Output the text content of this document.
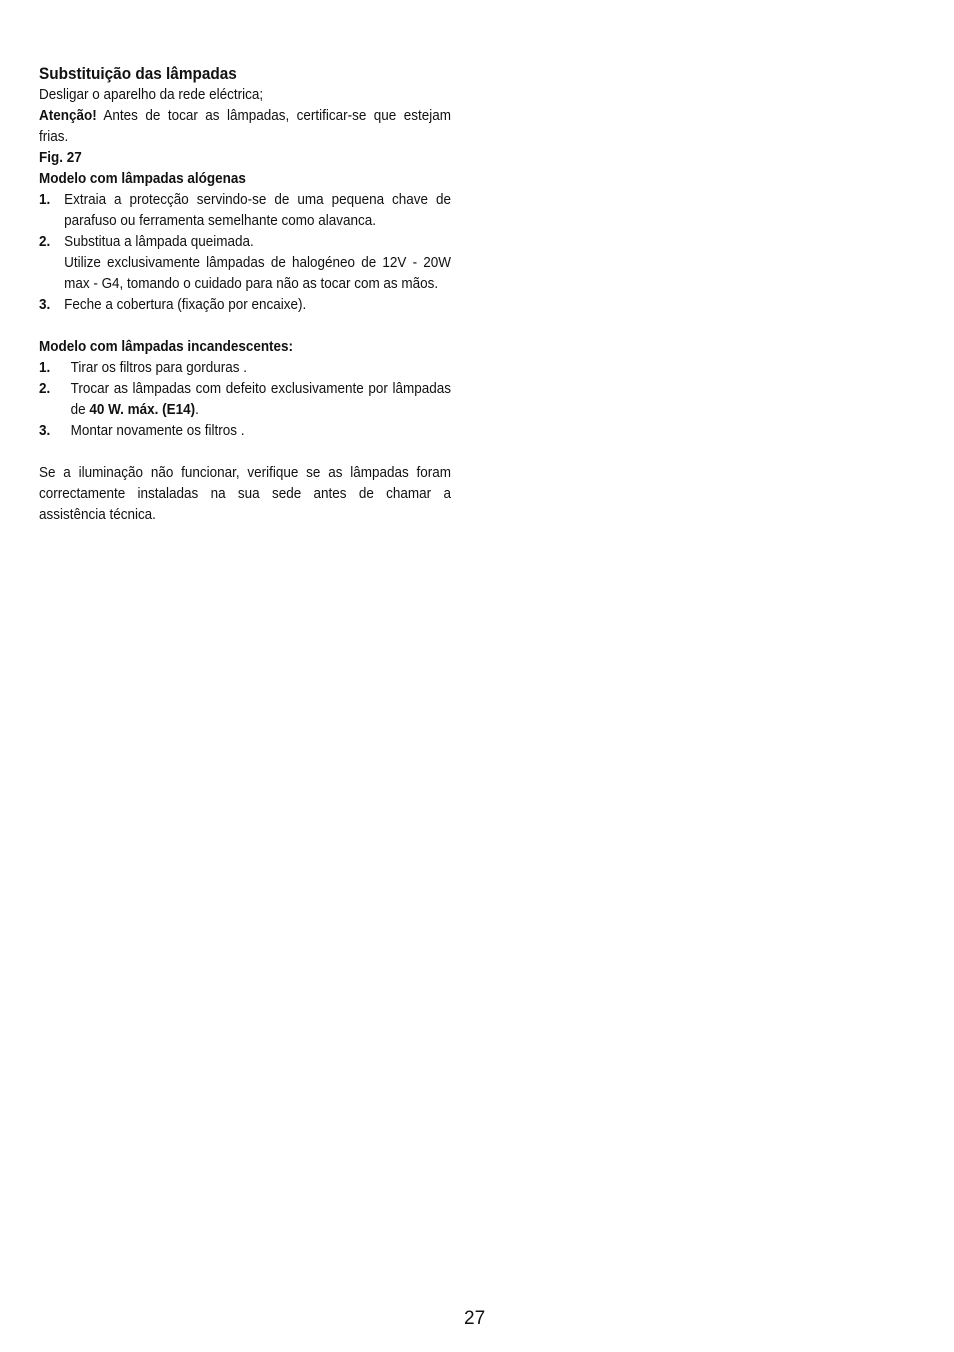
Substituição das lâmpadas

Desligar o aparelho da rede eléctrica;

Atenção! Antes de tocar as lâmpadas, certificar-se que estejam frias.

Fig. 27

Modelo com lâmpadas alógenas

1. Extraia a protecção servindo-se de uma pequena chave de parafuso ou ferramenta semelhante como alavanca.
2. Substitua a lâmpada queimada.
Utilize exclusivamente lâmpadas de halogéneo de 12V - 20W max - G4, tomando o cuidado para não as tocar com as mãos.
3. Feche a cobertura (fixação por encaixe).

Modelo com lâmpadas incandescentes:

1.	Tirar os filtros para gorduras .
2.	Trocar as lâmpadas com defeito exclusivamente por lâmpadas de 40 W. máx. (E14).
3.	Montar novamente os filtros .

Se a iluminação não funcionar, verifique se as lâmpadas foram correctamente instaladas na sua sede antes de chamar a assistência técnica.

27
